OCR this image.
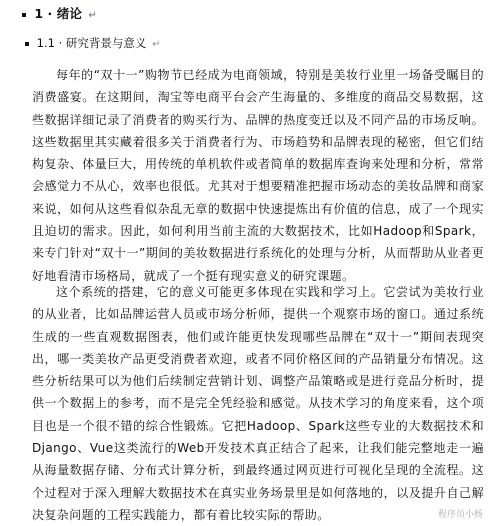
1 · 绪论 ↵
1.1 · 研究背景与意义 ↵
每年的“双十一”购物节已经成为电商领域，特别是美妆行业里一场备受瞩目的消费盛宴。在这期间，淘宝等电商平台会产生海量的、多维度的商品交易数据，这些数据详细记录了消费者的购买行为、品牌的热度变迁以及不同产品的市场反响。这些数据里其实藏着很多关于消费者行为、市场趋势和品牌表现的秘密，但它们结构复杂、体量巨大，用传统的单机软件或者简单的数据库查询来处理和分析，常常会感觉力不从心，效率也很低。尤其对于想要精准把握市场动态的美妆品牌和商家来说，如何从这些看似杂乱无章的数据中快速提炼出有价值的信息，成了一个现实且迫切的需求。因此，如何利用当前主流的大数据技术，比如Hadoop和Spark，来专门针对“双十一”期间的美妆数据进行系统化的处理与分析，从而帮助从业者更好地看清市场格局，就成了一个挺有现实意义的研究课题。
这个系统的搭建，它的意义可能更多体现在实践和学习上。它尝试为美妆行业的从业者，比如品牌运营人员或市场分析师，提供一个观察市场的窗口。通过系统生成的一些直观数据图表，他们或许能更快发现哪些品牌在“双十一”期间表现突出，哪一类美妆产品更受消费者欢迎，或者不同价格区间的产品销量分布情况。这些分析结果可以为他们后续制定营销计划、调整产品策略或是进行竞品分析时，提供一个数据上的参考，而不是完全凭经验和感觉。从技术学习的角度来看，这个项目也是一个很不错的综合性锻炼。它把Hadoop、Spark这些专业的大数据技术和Django、Vue这类流行的Web开发技术真正结合了起来，让我们能完整地走一遍从海量数据存储、分布式计算分析，到最终通过网页进行可视化呈现的全流程。这个过程对于深入理解大数据技术在真实业务场景里是如何落地的，以及提升自己解决复杂问题的工程实践能力，都有着比较实际的帮助。	程序员小杨
